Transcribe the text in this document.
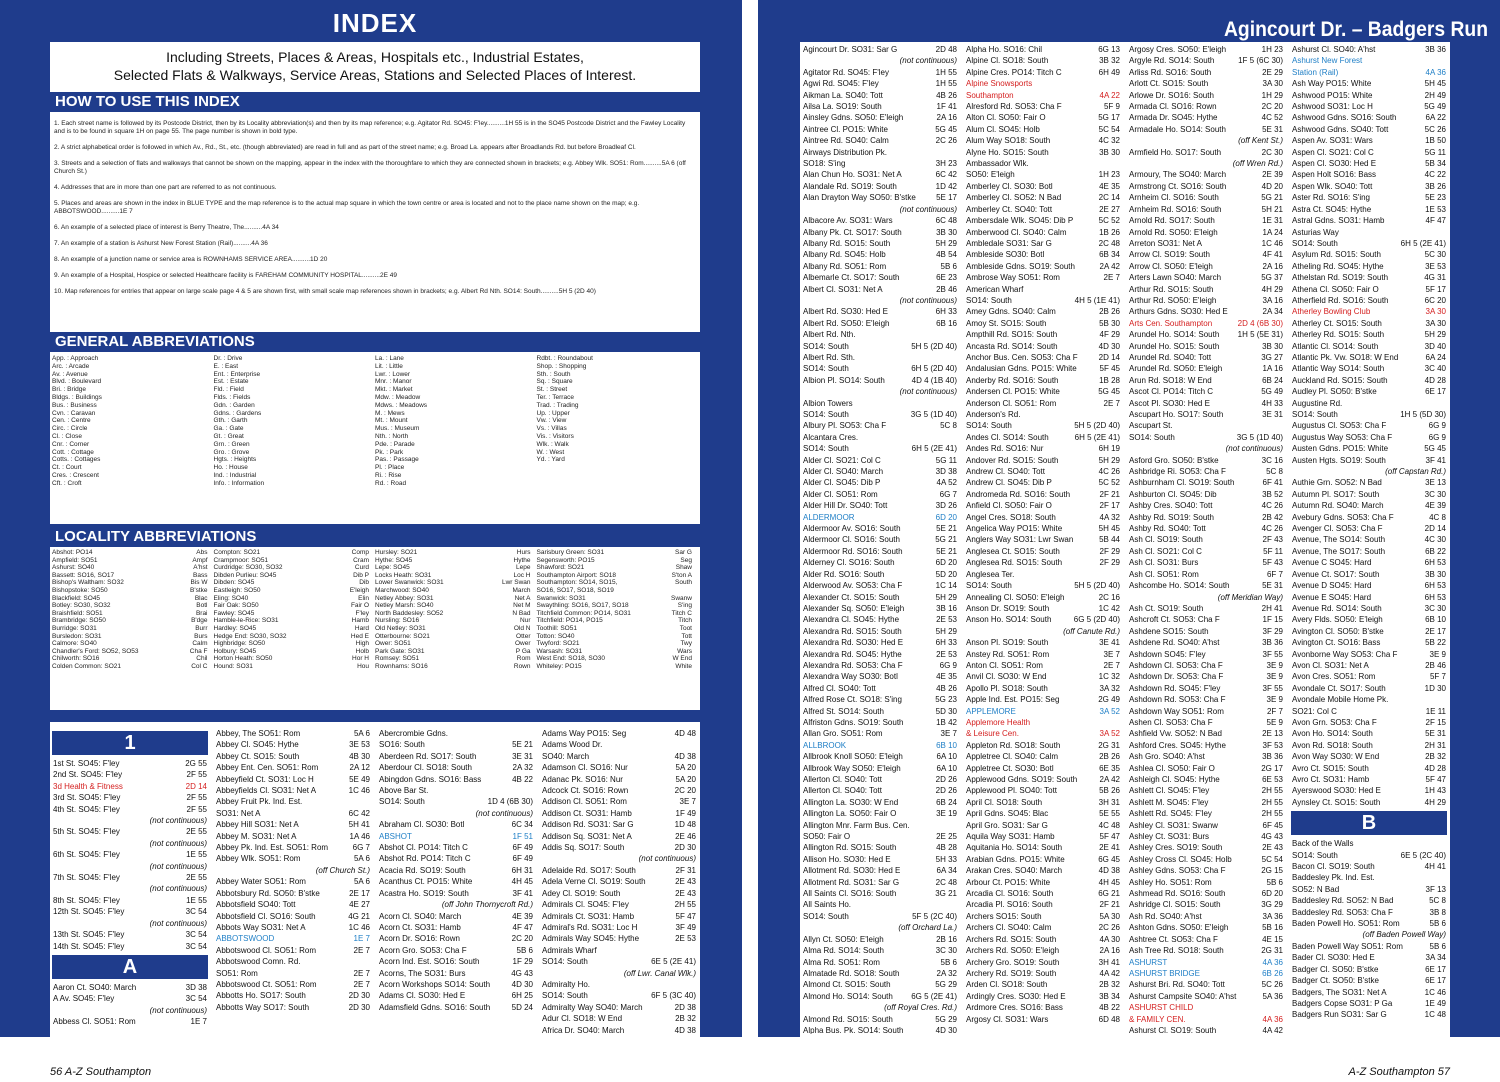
INDEX	Agincourt Dr. – Badgers Run
Including Streets, Places & Areas, Hospitals etc., Industrial Estates,
Selected Flats & Walkways, Service Areas, Stations and Selected Places of Interest.
HOW TO USE THIS INDEX

1. Each street name is followed by its Postcode District, then by its Locality abbreviation(s) and then by its map reference; e.g. Agitator Rd. SO45: F'ley..........1H 55 is in the SO45 Postcode District and the Fawley Locality and is to be found in square 1H on page 55. The page number is shown in bold type.

2. A strict alphabetical order is followed in which Av., Rd., St., etc. (though abbreviated) are read in full and as part of the street name; e.g. Broad La. appears after Broadlands Rd. but before Broadleaf Cl.

3. Streets and a selection of flats and walkways that cannot be shown on the mapping, appear in the index with the thoroughfare to which they are connected shown in brackets; e.g. Abbey Wlk. SO51: Rom..........5A 6 (off Church St.)

4. Addresses that are in more than one part are referred to as not continuous.

5. Places and areas are shown in the index in BLUE TYPE and the map reference is to the actual map square in which the town centre or area is located and not to the place name shown on the map; e.g. ABBOTSWOOD..........1E 7

6. An example of a selected place of interest is Berry Theatre, The..........4A 34

7. An example of a station is Ashurst New Forest Station (Rail)..........4A 36

8. An example of a junction name or service area is ROWNHAMS SERVICE AREA..........1D 20

9. An example of a Hospital, Hospice or selected Healthcare facility is FAREHAM COMMUNITY HOSPITAL..........2E 49

10. Map references for entries that appear on large scale page 4 & 5 are shown first, with small scale map references shown in brackets; e.g. Albert Rd Nth. SO14: South..........5H 5 (2D 40)

GENERAL ABBREVIATIONS
App. : Approach
Arc. : Arcade
Av. : Avenue
Blvd. : Boulevard
Bri. : Bridge
Bldgs. : Buildings
Bus. : Business
Cvn. : Caravan
Cen. : Centre
Circ. : Circle
Cl. : Close
Cnr. : Corner
Cott. : Cottage
Cotts. : Cottages
Ct. : Court
Cres. : Crescent
Cft. : Croft
Dr. : Drive
E. : East
Ent. : Enterprise
Est. : Estate
Fld. : Field
Flds. : Fields
Gdn. : Garden
Gdns. : Gardens
Gth. : Garth
Ga. : Gate
Gt. : Great
Grn. : Green
Gro. : Grove
Hgts. : Heights
Ho. : House
Ind. : Industrial
Info. : Information
La. : Lane
Lit. : Little
Lwr. : Lower
Mnr. : Manor
Mkt. : Market
Mdw. : Meadow
Mdws. : Meadows
M. : Mews
Mt. : Mount
Mus. : Museum
Nth. : North
Pde. : Parade
Pk. : Park
Pas. : Passage
Pl. : Place
Ri. : Rise
Rd. : Road
Rdbt. : Roundabout
Shop. : Shopping
Sth. : South
Sq. : Square
St. : Street
Ter. : Terrace
Trad. : Trading
Up. : Upper
Vw. : View
Vs. : Villas
Vis. : Visitors
Wlk. : Walk
W. : West
Yd. : Yard
LOCALITY ABBREVIATIONS
Abshot: PO14	Abs
Ampfield: SO51	Ampf
Ashurst: SO40	A'hst
Bassett: SO16, SO17	Bass
Bishop's Waltham: SO32	Bis W
Bishopstoke: SO50	B'stke
Blackfield: SO45	Blac
Botley: SO30, SO32	Botl
Braishfield: SO51	Brai
Brambridge: SO50	B'dge
Burridge: SO31	Burr
Bursledon: SO31	Burs
Calmore: SO40	Calm
Chandler's Ford: SO52, SO53	Cha F
Chilworth: SO16	Chil
Colden Common: SO21	Col C
Compton: SO21	Comp
Crampmoor: SO51	Cram
Curdridge: SO30, SO32	Curd
Dibden Purlieu: SO45	Dib P
Dibden: SO45	Dib
Eastleigh: SO50	E'leigh
Eling: SO40	Elin
Fair Oak: SO50	Fair O
Fawley: SO45	F'ley
Hamble-le-Rice: SO31	Hamb
Hardley: SO45	Hard
Hedge End: SO30, SO32	Hed E
Highbridge: SO50	High
Holbury: SO45	Holb
Horton Heath: SO50	Hor H
Hound: SO31	Hou
Hursley: SO21	Hurs
Hythe: SO45	Hythe
Lepe: SO45	Lepe
Locks Heath: SO31	Loc H
Lower Swanwick: SO31	Lwr Swan
Marchwood: SO40	March
Netley Abbey: SO31	Net A
Netley Marsh: SO40	Net M
North Baddesley: SO52	N Bad
Nursling: SO16	Nur
Old Netley: SO31	Old N
Otterbourne: SO21	Otter
Ower: SO51	Ower
Park Gate: SO31	P Ga
Romsey: SO51	Rom
Rownhams: SO16	Rown
Sarisbury Green: SO31	Sar G
Segensworth: PO15	Seg
Shawford: SO21	Shaw
Southampton Airport: SO18	S'ton A
Southampton: SO14, SO15,	South
SO16, SO17, SO18, SO19
Swanwick: SO31	Swanw
Swaythling: SO16, SO17, SO18	S'ing
Titchfield Common: PO14, SO31	Titch C
Titchfield: PO14, PO15	Titch
Toothill: SO51	Toot
Totton: SO40	Tott
Twyford: SO21	Twy
Warsash: SO31	Wars
West End: SO18, SO30	W End
Whiteley: PO15	White
1
1st St. SO45: F'ley	2G 55
2nd St. SO45: F'ley	2F 55
3d Health & Fitness	2D 14
3rd St. SO45: F'ley	2F 55
4th St. SO45: F'ley	2F 55
(not continuous)
5th St. SO45: F'ley	2E 55
(not continuous)
6th St. SO45: F'ley	1E 55
(not continuous)
7th St. SO45: F'ley	2E 55
(not continuous)
8th St. SO45: F'ley	1E 55
12th St. SO45: F'ley	3C 54
(not continuous)
13th St. SO45: F'ley	3C 54
14th St. SO45: F'ley	3C 54
A
Aaron Ct. SO40: March	3D 38
A Av. SO45: F'ley	3C 54
(not continuous)
Abbess Cl. SO51: Rom	1E 7
Abbey, The SO51: Rom	5A 6
Abbey Cl. SO45: Hythe	3E 53
Abbey Ct. SO15: South	4B 30
Abbey Ent. Cen. SO51: Rom	2A 12
Abbeyfield Ct. SO31: Loc H	5E 49
Abbeyfields Cl. SO31: Net A	1C 46
Abbey Fruit Pk. Ind. Est.
SO31: Net A	6C 42
Abbey Hill SO31: Net A	5H 41
Abbey M. SO31: Net A	1A 46
Abbey Pk. Ind. Est. SO51: Rom	6G 7
Abbey Wlk. SO51: Rom	5A 6
(off Church St.)
Abbey Water SO51: Rom	5A 6
Abbotsbury Rd. SO50: B'stke	2E 17
Abbotsfield SO40: Tott	4E 27
Abbotsfield Cl. SO16: South	4G 21
Abbots Way SO31: Net A	1C 46
ABBOTSWOOD	1E 7
Abbotswood Cl. SO51: Rom	2E 7
Abbotswood Comn. Rd.
SO51: Rom	2E 7
Abbotswood Ct. SO51: Rom	2E 7
Abbotts Ho. SO17: South	2D 30
Abbotts Way SO17: South	2D 30
Abercrombie Gdns.
SO16: South	5E 21
Aberdeen Rd. SO17: South	3E 31
Aberdour Cl. SO18: South	2A 32
Abingdon Gdns. SO16: Bass	4B 22
Above Bar St.
SO14: South	1D 4 (6B 30)
(not continuous)
Abraham Cl. SO30: Botl	6C 34
ABSHOT	1F 51
Abshot Cl. PO14: Titch C	6F 49
Abshot Rd. PO14: Titch C	6F 49
Acacia Rd. SO19: South	6H 31
Acanthus Ct. PO15: White	4H 45
Acastra Ho. SO19: South	3F 41
(off John Thornycroft Rd.)
Acorn Cl. SO40: March	4E 39
Acorn Ct. SO31: Hamb	4F 47
Acorn Dr. SO16: Rown	2C 20
Acorn Gro. SO53: Cha F	5B 6
Acorn Ind. Est. SO16: South	1F 29
Acorns, The SO31: Burs	4G 43
Acorn Workshops SO14: South	4D 30
Adams Cl. SO30: Hed E	6H 25
Adamsfield Gdns. SO16: South	5D 24
Adams Way PO15: Seg	4D 48
Adams Wood Dr.
SO40: March	4D 38
Adamson Cl. SO16: Nur	5A 20
Adanac Pk. SO16: Nur	5A 20
Adcock Ct. SO16: Rown	2C 20
Addison Cl. SO51: Rom	3E 7
Addison Ct. SO31: Hamb	1F 49
Addison Rd. SO31: Sar G	1D 48
Addison Sq. SO31: Net A	2E 46
Addis Sq. SO17: South	2D 30
(not continuous)
Adelaide Rd. SO17: South	2F 31
Adela Verne Cl. SO19: South	2E 43
Adey Cl. SO19: South	2E 43
Admirals Cl. SO45: F'ley	2H 55
Admirals Ct. SO31: Hamb	5F 47
Admiral's Rd. SO31: Loc H	3F 49
Admirals Way SO45: Hythe	2E 53
Admirals Wharf
SO14: South	6E 5 (2E 41)
(off Lwr. Canal Wlk.)
Admiralty Ho.
SO14: South	6F 5 (3C 40)
Admiralty Way SO40: March	2D 38
Adur Cl. SO18: W End	2B 32
Africa Dr. SO40: March	4D 38
Agincourt Dr. SO31: Sar G	2D 48
(not continuous)
Agitator Rd. SO45: F'ley	1H 55
Agwi Rd. SO45: F'ley	1H 55
Aikman La. SO40: Tott	4B 26
Ailsa La. SO19: South	1F 41
Ainsley Gdns. SO50: E'leigh	2A 16
Aintree Cl. PO15: White	5G 45
Aintree Rd. SO40: Calm	2C 26
Airways Distribution Pk.
SO18: S'ing	3H 23
Alan Chun Ho. SO31: Net A	6C 42
Alandale Rd. SO19: South	1D 42
Alan Drayton Way SO50: B'stke	5E 17
(not continuous)
Albacore Av. SO31: Wars	6C 48
Albany Pk. Ct. SO17: South	3B 30
Albany Rd. SO15: South	5H 29
Albany Rd. SO45: Holb	4B 54
Albany Rd. SO51: Rom	5B 6
Albemarle Ct. SO17: South	6E 23
Albert Cl. SO31: Net A	2B 46
(not continuous)
Albert Rd. SO30: Hed E	6H 33
Albert Rd. SO50: E'leigh	6B 16
Albert Rd. Nth.
SO14: South	5H 5 (2D 40)
Albert Rd. Sth.
SO14: South	6H 5 (2D 40)
Albion Pl. SO14: South	4D 4 (1B 40)
(not continuous)
Albion Towers
SO14: South	3G 5 (1D 40)
Albury Pl. SO53: Cha F	5C 8
Alcantara Cres.
SO14: South	6H 5 (2E 41)
Alder Cl. SO21: Col C	5G 11
Alder Cl. SO40: March	3D 38
Alder Cl. SO45: Dib P	4A 52
Alder Cl. SO51: Rom	6G 7
Alder Hill Dr. SO40: Tott	3D 26
ALDERMOOR	6D 20
Aldermoor Av. SO16: South	5E 21
Aldermoor Cl. SO16: South	5G 21
Aldermoor Rd. SO16: South	5E 21
Alderney Cl. SO16: South	6D 20
Alder Rd. SO16: South	5D 20
Alderwood Av. SO53: Cha F	1C 14
Alexander Ct. SO15: South	5H 29
Alexander Sq. SO50: E'leigh	3B 16
Alexandra Cl. SO45: Hythe	2E 53
Alexandra Rd. SO15: South	5H 29
Alexandra Rd. SO30: Hed E	6H 33
Alexandra Rd. SO45: Hythe	2E 53
Alexandra Rd. SO53: Cha F	6G 9
Alexandra Way SO30: Botl	4E 35
Alfred Cl. SO40: Tott	4B 26
Alfred Rose Ct. SO18: S'ing	5G 23
Alfred St. SO14: South	5D 30
Alfriston Gdns. SO19: South	1B 42
Allan Gro. SO51: Rom	3E 7
ALLBROOK	6B 10
Allbrook Knoll SO50: E'leigh	6A 10
Allbrook Way SO50: E'leigh	6A 10
Allerton Cl. SO40: Tott	2D 26
Allerton Cl. SO40: Tott	2D 26
Allington La. SO30: W End	6B 24
Allington La. SO50: Fair O	3E 19
Allington Mnr. Farm Bus. Cen.
SO50: Fair O	2E 25
Allington Rd. SO15: South	4B 28
Allison Ho. SO30: Hed E	5H 33
Allotment Rd. SO30: Hed E	6A 34
Allotment Rd. SO31: Sar G	2C 48
All Saints Cl. SO16: South	3G 21
All Saints Ho.
SO14: South	5F 5 (2C 40)
(off Orchard La.)
Allyn Ct. SO50: E'leigh	2B 16
Alma Rd. SO14: South	3C 30
Alma Rd. SO51: Rom	5B 6
Almatade Rd. SO18: South	2A 32
Almond Ct. SO15: South	5G 29
Almond Ho. SO14: South 6G 5 (2E 41)
(off Royal Cres. Rd.)
Almond Rd. SO15: South	5G 29
Alpha Bus. Pk. SO14: South	4D 30
Alpha Ho. SO16: Chil	6G 13
Alpine Cl. SO18: South	3B 32
Alpine Cres. PO14: Titch C	6H 49
Alpine Snowsports
Southampton	4A 22
Alresford Rd. SO53: Cha F	5F 9
Alton Cl. SO50: Fair O	5G 17
Alum Cl. SO45: Holb	5C 54
Alum Way SO18: South	4C 32
Alyne Ho. SO15: South	3B 30
Ambassador Wlk.
SO50: E'leigh	1H 23
Amberley Cl. SO30: Botl	4E 35
Amberley Cl. SO52: N Bad	2C 14
Amberley Ct. SO40: Tott	2E 27
Ambersdale Wlk. SO45: Dib P	5C 52
Amberwood Cl. SO40: Calm	1B 26
Ambledale SO31: Sar G	2C 48
Ambleside SO30: Botl	6B 34
Ambleside Gdns. SO19: South	2A 42
Ambrose Way SO51: Rom	2E 7
American Wharf
SO14: South	4H 5 (1E 41)
Amey Gdns. SO40: Calm	2B 26
Amoy St. SO15: South	5B 30
Ampthill Rd. SO15: South	4F 29
Ancasta Rd. SO14: South	4D 30
Anchor Bus. Cen. SO53: Cha F	2D 14
Andalusian Gdns. PO15: White	5F 45
Anderby Rd. SO16: South	1B 28
Andersen Cl. PO15: White	5G 45
Anderson Cl. SO51: Rom	2E 7
Anderson's Rd.
SO14: South	5H 5 (2D 40)
Andes Cl. SO14: South	6H 5 (2E 41)
Andes Rd. SO16: Nur	6H 19
Andover Rd. SO15: South	5H 29
Andrew Cl. SO40: Tott	4C 26
Andrew Cl. SO45: Dib P	5C 52
Andromeda Rd. SO16: South	2F 21
Anfield Cl. SO50: Fair O	2F 17
Angel Cres. SO18: South	4A 32
Angelica Way PO15: White	5H 45
Anglers Way SO31: Lwr Swan	5B 44
Anglesea Ct. SO15: South	2F 29
Anglesea Rd. SO15: South	2F 29
Anglesea Ter.
SO14: South	5H 5 (2D 40)
Annealing Cl. SO50: E'leigh	2C 16
Anson Dr. SO19: South	1C 42
Anson Ho. SO14: South	6G 5 (2D 40)
(off Canute Rd.)
Anson Pl. SO19: South	3E 41
Anstey Rd. SO51: Rom	3E 7
Anton Cl. SO51: Rom	2E 7
Anvil Cl. SO30: W End	1C 32
Apollo Pl. SO18: South	3A 32
Apple Ind. Est. PO15: Seg	2G 49
APPLEMORE	3A 52
Applemore Health
& Leisure Cen.	3A 52
Appleton Rd. SO18: South	2G 31
Appletree Cl. SO40: Calm	2B 26
Appletree Ct. SO30: Botl	6E 35
Applewood Gdns. SO19: South	2A 42
Applewood Pl. SO40: Tott	5B 26
April Cl. SO18: South	3H 31
April Gdns. SO45: Blac	5E 55
April Gro. SO31: Sar G	4C 48
Aquila Way SO31: Hamb	5F 47
Aquitania Ho. SO14: South	2E 41
Arabian Gdns. PO15: White	6G 45
Arakan Cres. SO40: March	4D 38
Arbour Ct. PO15: White	4H 45
Arcadia Cl. SO16: South	6G 21
Arcadia Pl. SO16: South	2F 21
Archers SO15: South	5A 30
Archers Cl. SO40: Calm	2C 26
Archers Rd. SO15: South	4A 30
Archers Rd. SO50: E'leigh	2A 16
Archery Gro. SO19: South	3H 41
Archery Rd. SO19: South	4A 42
Arden Cl. SO18: South	2B 32
Ardingly Cres. SO30: Hed E	3B 34
Ardmore Cres. SO16: Bass	4B 22
Argosy Cl. SO31: Wars	6D 48
Argosy Cres. SO50: E'leigh	1H 23
Argyle Rd. SO14: South	1F 5 (6C 30)
Arliss Rd. SO16: South	2E 29
Arlott Ct. SO15: South	3A 30
Arlowe Dr. SO16: South	1H 29
Armada Cl. SO16: Rown	2C 20
Armada Dr. SO45: Hythe	4C 52
Armadale Ho. SO14: South	5E 31
(off Kent St.)
Armfield Ho. SO17: South	2C 30
(off Wren Rd.)
Armoury, The SO40: March	2E 39
Armstrong Ct. SO16: South	4D 20
Arnheim Cl. SO16: South	5G 21
Arnheim Rd. SO16: South	5H 21
Arnold Rd. SO17: South	1E 31
Arnold Rd. SO50: E'leigh	1A 24
Arreton SO31: Net A	1C 46
Arrow Cl. SO19: South	4F 41
Arrow Cl. SO50: E'leigh	2A 16
Arters Lawn SO40: March	5G 37
Arthur Rd. SO15: South	4H 29
Arthur Rd. SO50: E'leigh	3A 16
Arthurs Gdns. SO30: Hed E	2A 34
Arts Cen. Southampton	2D 4 (6B 30)
Arundel Ho. SO14: South 1H 5 (5E 31)
Arundel Ho. SO15: South	3B 30
Arundel Rd. SO40: Tott	3G 27
Arundel Rd. SO50: E'leigh	1A 16
Arun Rd. SO18: W End	6B 24
Ascot Cl. PO14: Titch C	5G 49
Ascot Pl. SO30: Hed E	4H 33
Ascupart Ho. SO17: South	3E 31
Ascupart St.
SO14: South	3G 5 (1D 40)
(not continuous)
Asford Gro. SO50: B'stke	3C 16
Ashbridge Ri. SO53: Cha F	5C 8
Ashburnham Cl. SO19: South	6F 41
Ashburton Cl. SO45: Dib	3B 52
Ashby Cres. SO40: Tott	4C 26
Ashby Rd. SO19: South	2B 42
Ashby Rd. SO40: Tott	4C 26
Ash Cl. SO19: South	2F 43
Ash Cl. SO21: Col C	5F 11
Ash Cl. SO31: Burs	5F 43
Ash Cl. SO51: Rom	6F 7
Ashcombe Ho. SO14: South	5E 31
(off Meridian Way)
Ash Ct. SO19: South	2H 41
Ashcroft Ct. SO53: Cha F	1F 15
Ashdene SO15: South	3F 29
Ashdene Rd. SO40: A'hst	3B 36
Ashdown SO45: F'ley	3F 55
Ashdown Cl. SO53: Cha F	3E 9
Ashdown Dr. SO53: Cha F	3E 9
Ashdown Rd. SO45: F'ley	3F 55
Ashdown Rd. SO53: Cha F	3E 9
Ashdown Way SO51: Rom	2F 7
Ashen Cl. SO53: Cha F	5E 9
Ashfield Vw. SO52: N Bad	2E 13
Ashford Cres. SO45: Hythe	3F 53
Ash Gro. SO40: A'hst	3B 36
Ashlea Cl. SO50: Fair O	2G 17
Ashleigh Cl. SO45: Hythe	6E 53
Ashlett Cl. SO45: F'ley	2H 55
Ashlett M. SO45: F'ley	2H 55
Ashlett Rd. SO45: F'ley	2H 55
Ashley Cl. SO31: Swanw	6F 45
Ashley Ct. SO31: Burs	4G 43
Ashley Cres. SO19: South	2E 43
Ashley Cross Cl. SO45: Holb	5C 54
Ashley Gdns. SO53: Cha F	2G 15
Ashley Ho. SO51: Rom	5B 6
Ashmead Rd. SO16: South	6D 20
Ashridge Cl. SO15: South	3G 29
Ash Rd. SO40: A'hst	3A 36
Ashton Gdns. SO50: E'leigh	5B 16
Ashtree Ct. SO53: Cha F	4E 15
Ash Tree Rd. SO18: South	2G 31
ASHURST	4A 36
ASHURST BRIDGE	6B 26
Ashurst Bri. Rd. SO40: Tott	5C 26
Ashurst Campsite SO40: A'hst	5A 36
ASHURST CHILD
& FAMILY CEN.	4A 36
Ashurst Cl. SO19: South	4A 42
Ashurst Cl. SO40: A'hst	3B 36
Ashurst New Forest
Station (Rail)	4A 36
Ash Way PO15: White	5H 45
Ashwood PO15: White	2H 49
Ashwood SO31: Loc H	5G 49
Ashwood Gdns. SO16: South	6A 22
Ashwood Gdns. SO40: Tott	5C 26
Aspen Av. SO31: Wars	1B 50
Aspen Cl. SO21: Col C	5G 11
Aspen Cl. SO30: Hed E	5B 34
Aspen Holt SO16: Bass	4C 22
Aspen Wlk. SO40: Tott	3B 26
Aster Rd. SO16: S'ing	5E 23
Astra Ct. SO45: Hythe	1E 53
Astral Gdns. SO31: Hamb	4F 47
Asturias Way
SO14: South	6H 5 (2E 41)
Asylum Rd. SO15: South	5C 30
Atheling Rd. SO45: Hythe	3E 53
Athelstan Rd. SO19: South	4G 31
Athena Cl. SO50: Fair O	5F 17
Atherfield Rd. SO16: South	6C 20
Atherley Bowling Club	3A 30
Atherley Ct. SO15: South	3A 30
Atherley Rd. SO15: South	5H 29
Atlantic Cl. SO14: South	3D 40
Atlantic Pk. Vw. SO18: W End	6A 24
Atlantic Way SO14: South	3C 40
Auckland Rd. SO15: South	4D 28
Audley Pl. SO50: B'stke	6E 17
Augustine Rd.
SO14: South	1H 5 (5D 30)
Augustus Cl. SO53: Cha F	6G 9
Augustus Way SO53: Cha F	6G 9
Austen Gdns. PO15: White	5G 45
Austen Hgts. SO19: South	3F 41
(off Capstan Rd.)
Authie Grn. SO52: N Bad	3E 13
Autumn Pl. SO17: South	3C 30
Autumn Rd. SO40: March	4E 39
Avebury Gdns. SO53: Cha F	4C 8
Avenger Cl. SO53: Cha F	2D 14
Avenue, The SO14: South	4C 30
Avenue, The SO17: South	6B 22
Avenue C SO45: Hard	6H 53
Avenue Ct. SO17: South	3B 30
Avenue D SO45: Hard	6H 53
Avenue E SO45: Hard	6H 53
Avenue Rd. SO14: South	3C 30
Avery Flds. SO50: E'leigh	6B 10
Avington Cl. SO50: B'stke	2E 17
Avington Ct. SO16: Bass	5B 22
Avonborne Way SO53: Cha F	3E 9
Avon Cl. SO31: Net A	2B 46
Avon Cres. SO51: Rom	5F 7
Avondale Ct. SO17: South	1D 30
Avondale Mobile Home Pk.
SO21: Col C	1E 11
Avon Grn. SO53: Cha F	2F 15
Avon Ho. SO14: South	5E 31
Avon Rd. SO18: South	2H 31
Avon Way SO30: W End	2B 32
Avro Ct. SO15: South	4D 28
Avro Ct. SO31: Hamb	5F 47
Ayerswood SO30: Hed E	1H 43
Aynsley Ct. SO15: South	4H 29
B
Back of the Walls
SO14: South	6E 5 (2C 40)
Bacon Cl. SO19: South	4H 41
Baddesley Pk. Ind. Est.
SO52: N Bad	3F 13
Baddesley Rd. SO52: N Bad	5C 8
Baddesley Rd. SO53: Cha F	3B 8
Baden Powell Ho. SO51: Rom	5B 6
(off Baden Powell Way)
Baden Powell Way SO51: Rom	5B 6
Bader Cl. SO30: Hed E	3A 34
Badger Cl. SO50: B'stke	6E 17
Badger Ct. SO50: B'stke	6E 17
Badgers, The SO31: Net A	1C 46
Badgers Copse SO31: P Ga	1E 49
Badgers Run SO31: Sar G	1C 48
56 A-Z Southampton	A-Z Southampton 57
